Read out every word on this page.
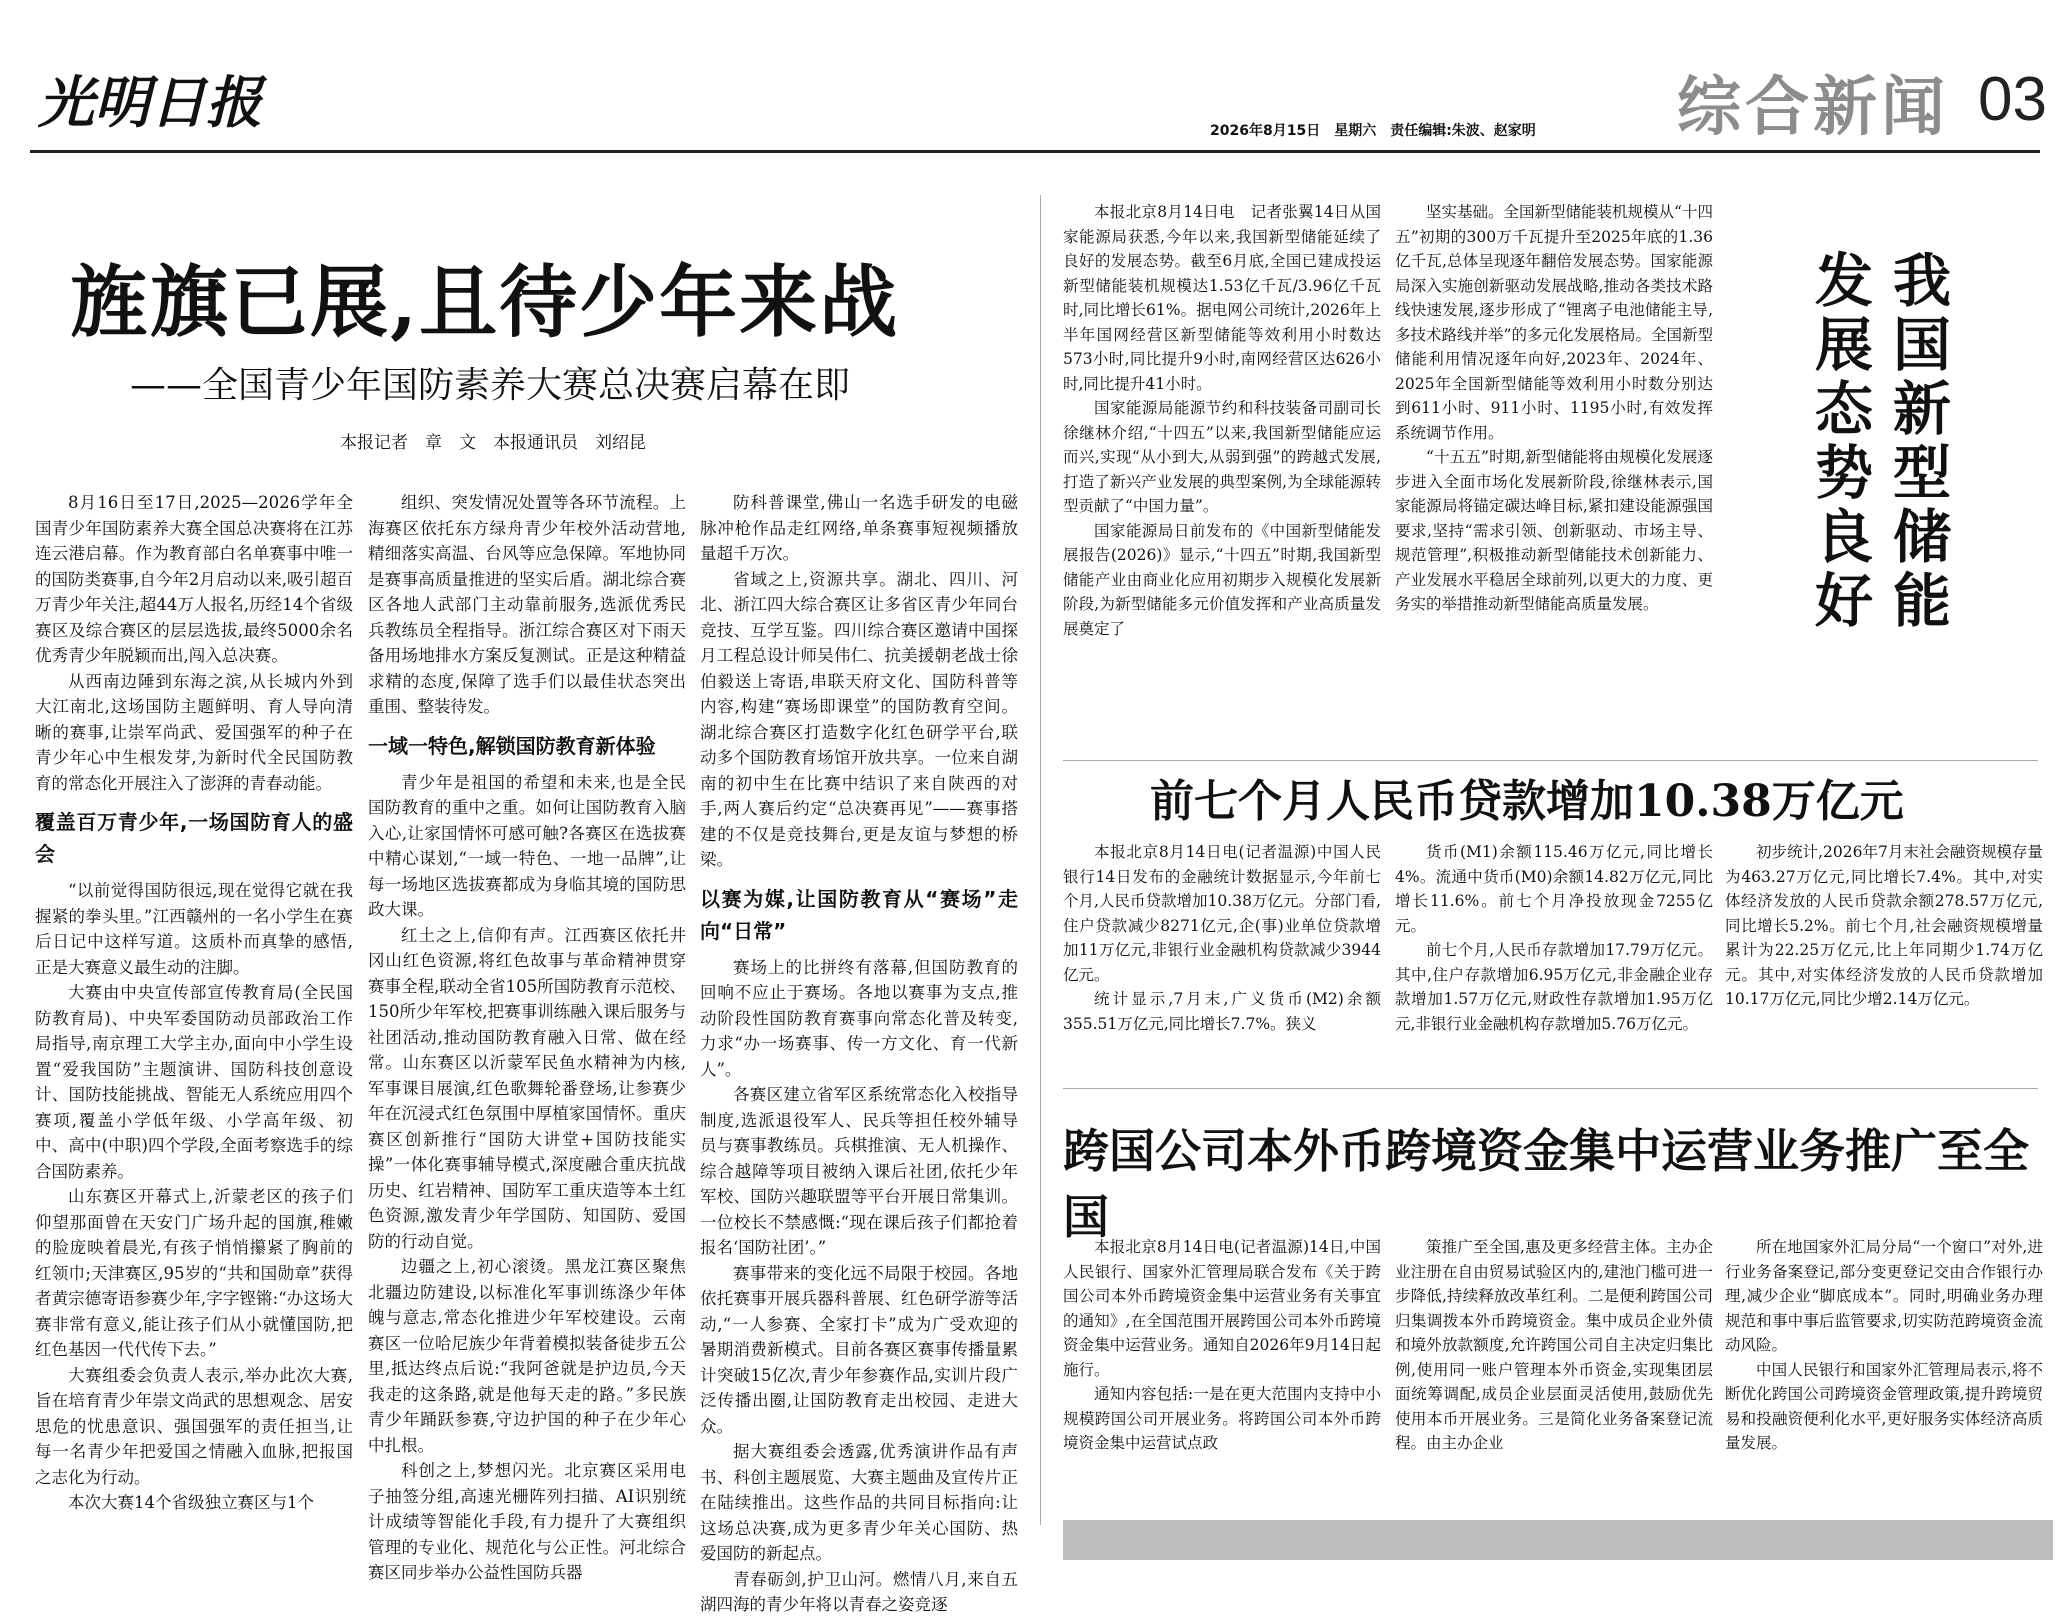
光明日报	综合新闻 03
2026年8月15日　星期六　责任编辑:朱波、赵家明
旌旗已展,且待少年来战
——全国青少年国防素养大赛总决赛启幕在即
本报记者　章　文　本报通讯员　刘绍昆

8月16日至17日,2025—2026学年全国青少年国防素养大赛全国总决赛将在江苏连云港启幕。作为教育部白名单赛事中唯一的国防类赛事,自今年2月启动以来,吸引超百万青少年关注,超44万人报名,历经14个省级赛区及综合赛区的层层选拔,最终5000余名优秀青少年脱颖而出,闯入总决赛。

从西南边陲到东海之滨,从长城内外到大江南北,这场国防主题鲜明、育人导向清晰的赛事,让崇军尚武、爱国强军的种子在青少年心中生根发芽,为新时代全民国防教育的常态化开展注入了澎湃的青春动能。

覆盖百万青少年,一场国防育人的盛会

“以前觉得国防很远,现在觉得它就在我握紧的拳头里。”江西赣州的一名小学生在赛后日记中这样写道。这质朴而真挚的感悟,正是大赛意义最生动的注脚。

大赛由中央宣传部宣传教育局(全民国防教育局)、中央军委国防动员部政治工作局指导,南京理工大学主办,面向中小学生设置“爱我国防”主题演讲、国防科技创意设计、国防技能挑战、智能无人系统应用四个赛项,覆盖小学低年级、小学高年级、初中、高中(中职)四个学段,全面考察选手的综合国防素养。

山东赛区开幕式上,沂蒙老区的孩子们仰望那面曾在天安门广场升起的国旗,稚嫩的脸庞映着晨光,有孩子悄悄攥紧了胸前的红领巾;天津赛区,95岁的“共和国勋章”获得者黄宗德寄语参赛少年,字字铿锵:“办这场大赛非常有意义,能让孩子们从小就懂国防,把红色基因一代代传下去。”

大赛组委会负责人表示,举办此次大赛,旨在培育青少年崇文尚武的思想观念、居安思危的忧患意识、强国强军的责任担当,让每一名青少年把爱国之情融入血脉,把报国之志化为行动。

本次大赛14个省级独立赛区与1个

组织、突发情况处置等各环节流程。上海赛区依托东方绿舟青少年校外活动营地,精细落实高温、台风等应急保障。军地协同是赛事高质量推进的坚实后盾。湖北综合赛区各地人武部门主动靠前服务,选派优秀民兵教练员全程指导。浙江综合赛区对下雨天备用场地排水方案反复测试。正是这种精益求精的态度,保障了选手们以最佳状态突出重围、整装待发。

一域一特色,解锁国防教育新体验

青少年是祖国的希望和未来,也是全民国防教育的重中之重。如何让国防教育入脑入心,让家国情怀可感可触?各赛区在选拔赛中精心谋划,“一域一特色、一地一品牌”,让每一场地区选拔赛都成为身临其境的国防思政大课。

红土之上,信仰有声。江西赛区依托井冈山红色资源,将红色故事与革命精神贯穿赛事全程,联动全省105所国防教育示范校、150所少年军校,把赛事训练融入课后服务与社团活动,推动国防教育融入日常、做在经常。山东赛区以沂蒙军民鱼水精神为内核,军事课目展演,红色歌舞轮番登场,让参赛少年在沉浸式红色氛围中厚植家国情怀。重庆赛区创新推行“国防大讲堂+国防技能实操”一体化赛事辅导模式,深度融合重庆抗战历史、红岩精神、国防军工重庆造等本土红色资源,激发青少年学国防、知国防、爱国防的行动自觉。

边疆之上,初心滚烫。黑龙江赛区聚焦北疆边防建设,以标准化军事训练涤少年体魄与意志,常态化推进少年军校建设。云南赛区一位哈尼族少年背着模拟装备徒步五公里,抵达终点后说:“我阿爸就是护边员,今天我走的这条路,就是他每天走的路。”多民族青少年踊跃参赛,守边护国的种子在少年心中扎根。

科创之上,梦想闪光。北京赛区采用电子抽签分组,高速光栅阵列扫描、AI识别统计成绩等智能化手段,有力提升了大赛组织管理的专业化、规范化与公正性。河北综合赛区同步举办公益性国防兵器

防科普课堂,佛山一名选手研发的电磁脉冲枪作品走红网络,单条赛事短视频播放量超千万次。

省域之上,资源共享。湖北、四川、河北、浙江四大综合赛区让多省区青少年同台竞技、互学互鉴。四川综合赛区邀请中国探月工程总设计师吴伟仁、抗美援朝老战士徐伯毅送上寄语,串联天府文化、国防科普等内容,构建“赛场即课堂”的国防教育空间。湖北综合赛区打造数字化红色研学平台,联动多个国防教育场馆开放共享。一位来自湖南的初中生在比赛中结识了来自陕西的对手,两人赛后约定“总决赛再见”——赛事搭建的不仅是竞技舞台,更是友谊与梦想的桥梁。

以赛为媒,让国防教育从“赛场”走向“日常”

赛场上的比拼终有落幕,但国防教育的回响不应止于赛场。各地以赛事为支点,推动阶段性国防教育赛事向常态化普及转变,力求“办一场赛事、传一方文化、育一代新人”。

各赛区建立省军区系统常态化入校指导制度,选派退役军人、民兵等担任校外辅导员与赛事教练员。兵棋推演、无人机操作、综合越障等项目被纳入课后社团,依托少年军校、国防兴趣联盟等平台开展日常集训。一位校长不禁感慨:“现在课后孩子们都抢着报名‘国防社团’。”

赛事带来的变化远不局限于校园。各地依托赛事开展兵器科普展、红色研学游等活动,“一人参赛、全家打卡”成为广受欢迎的暑期消费新模式。目前各赛区赛事传播量累计突破15亿次,青少年参赛作品,实训片段广泛传播出圈,让国防教育走出校园、走进大众。

据大赛组委会透露,优秀演讲作品有声书、科创主题展览、大赛主题曲及宣传片正在陆续推出。这些作品的共同目标指向:让这场总决赛,成为更多青少年关心国防、热爱国防的新起点。

青春砺剑,护卫山河。燃情八月,来自五湖四海的青少年将以青春之姿竞逐

本报北京8月14日电　记者张翼14日从国家能源局获悉,今年以来,我国新型储能延续了良好的发展态势。截至6月底,全国已建成投运新型储能装机规模达1.53亿千瓦/3.96亿千瓦时,同比增长61%。据电网公司统计,2026年上半年国网经营区新型储能等效利用小时数达573小时,同比提升9小时,南网经营区达626小时,同比提升41小时。

国家能源局能源节约和科技装备司副司长徐继林介绍,“十四五”以来,我国新型储能应运而兴,实现“从小到大,从弱到强”的跨越式发展,打造了新兴产业发展的典型案例,为全球能源转型贡献了“中国力量”。

国家能源局日前发布的《中国新型储能发展报告(2026)》显示,“十四五”时期,我国新型储能产业由商业化应用初期步入规模化发展新阶段,为新型储能多元价值发挥和产业高质量发展奠定了

坚实基础。全国新型储能装机规模从“十四五”初期的300万千瓦提升至2025年底的1.36亿千瓦,总体呈现逐年翻倍发展态势。国家能源局深入实施创新驱动发展战略,推动各类技术路线快速发展,逐步形成了“锂离子电池储能主导,多技术路线并举”的多元化发展格局。全国新型储能利用情况逐年向好,2023年、2024年、2025年全国新型储能等效利用小时数分别达到611小时、911小时、1195小时,有效发挥系统调节作用。

“十五五”时期,新型储能将由规模化发展逐步进入全面市场化发展新阶段,徐继林表示,国家能源局将锚定碳达峰目标,紧扣建设能源强国要求,坚持“需求引领、创新驱动、市场主导、规范管理”,积极推动新型储能技术创新能力、产业发展水平稳居全球前列,以更大的力度、更务实的举措推动新型储能高质量发展。	我国新型储能发展态势良好
前七个月人民币贷款增加10.38万亿元

本报北京8月14日电(记者温源)中国人民银行14日发布的金融统计数据显示,今年前七个月,人民币贷款增加10.38万亿元。分部门看,住户贷款减少8271亿元,企(事)业单位贷款增加11万亿元,非银行业金融机构贷款减少3944亿元。

统计显示,7月末,广义货币(M2)余额355.51万亿元,同比增长7.7%。狭义

货币(M1)余额115.46万亿元,同比增长4%。流通中货币(M0)余额14.82万亿元,同比增长11.6%。前七个月净投放现金7255亿元。

前七个月,人民币存款增加17.79万亿元。其中,住户存款增加6.95万亿元,非金融企业存款增加1.57万亿元,财政性存款增加1.95万亿元,非银行业金融机构存款增加5.76万亿元。

初步统计,2026年7月末社会融资规模存量为463.27万亿元,同比增长7.4%。其中,对实体经济发放的人民币贷款余额278.57万亿元,同比增长5.2%。前七个月,社会融资规模增量累计为22.25万亿元,比上年同期少1.74万亿元。其中,对实体经济发放的人民币贷款增加10.17万亿元,同比少增2.14万亿元。

跨国公司本外币跨境资金集中运营业务推广至全国

本报北京8月14日电(记者温源)14日,中国人民银行、国家外汇管理局联合发布《关于跨国公司本外币跨境资金集中运营业务有关事宜的通知》,在全国范围开展跨国公司本外币跨境资金集中运营业务。通知自2026年9月14日起施行。

通知内容包括:一是在更大范围内支持中小规模跨国公司开展业务。将跨国公司本外币跨境资金集中运营试点政

策推广至全国,惠及更多经营主体。主办企业注册在自由贸易试验区内的,建池门槛可进一步降低,持续释放改革红利。二是便利跨国公司归集调拨本外币跨境资金。集中成员企业外债和境外放款额度,允许跨国公司自主决定归集比例,使用同一账户管理本外币资金,实现集团层面统筹调配,成员企业层面灵活使用,鼓励优先使用本币开展业务。三是简化业务备案登记流程。由主办企业

所在地国家外汇局分局“一个窗口”对外,进行业务备案登记,部分变更登记交由合作银行办理,减少企业“脚底成本”。同时,明确业务办理规范和事中事后监管要求,切实防范跨境资金流动风险。

中国人民银行和国家外汇管理局表示,将不断优化跨国公司跨境资金管理政策,提升跨境贸易和投融资便利化水平,更好服务实体经济高质量发展。
